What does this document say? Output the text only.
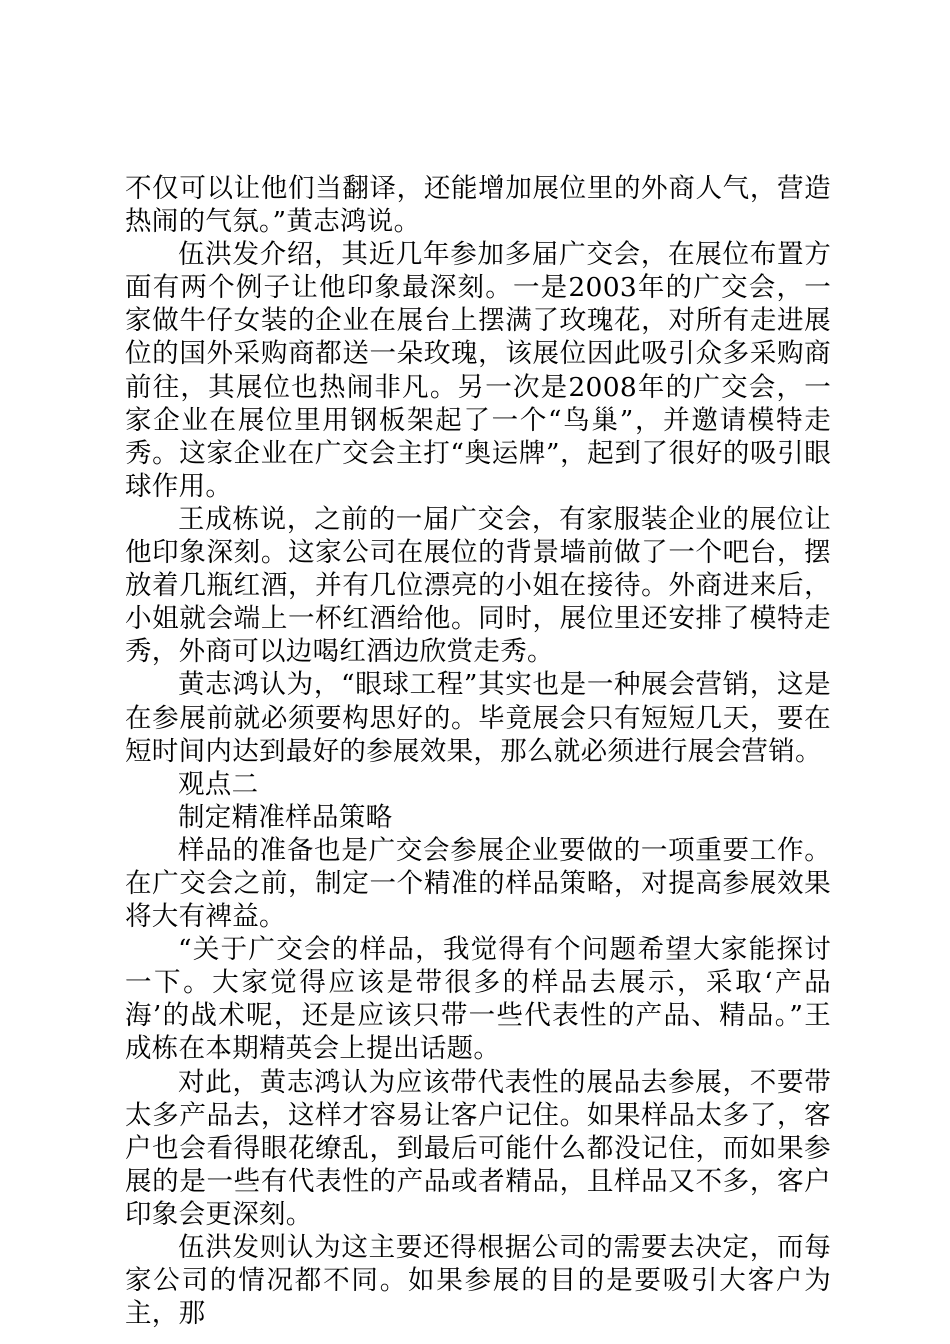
不仅可以让他们当翻译，还能增加展位里的外商人气，营造热闹的气氛。”黄志鸿说。

伍洪发介绍，其近几年参加多届广交会，在展位布置方面有两个例子让他印象最深刻。一是2003年的广交会，一家做牛仔女装的企业在展台上摆满了玫瑰花，对所有走进展位的国外采购商都送一朵玫瑰，该展位因此吸引众多采购商前往，其展位也热闹非凡。另一次是2008年的广交会，一家企业在展位里用钢板架起了一个“鸟巢”，并邀请模特走秀。这家企业在广交会主打“奥运牌”，起到了很好的吸引眼球作用。

王成栋说，之前的一届广交会，有家服装企业的展位让他印象深刻。这家公司在展位的背景墙前做了一个吧台，摆放着几瓶红酒，并有几位漂亮的小姐在接待。外商进来后，小姐就会端上一杯红酒给他。同时，展位里还安排了模特走秀，外商可以边喝红酒边欣赏走秀。

黄志鸿认为，“眼球工程”其实也是一种展会营销，这是在参展前就必须要构思好的。毕竟展会只有短短几天，要在短时间内达到最好的参展效果，那么就必须进行展会营销。

观点二

制定精准样品策略

样品的准备也是广交会参展企业要做的一项重要工作。在广交会之前，制定一个精准的样品策略，对提高参展效果将大有裨益。

“关于广交会的样品，我觉得有个问题希望大家能探讨一下。大家觉得应该是带很多的样品去展示，采取‘产品海’的战术呢，还是应该只带一些代表性的产品、精品。”王成栋在本期精英会上提出话题。

对此，黄志鸿认为应该带代表性的展品去参展，不要带太多产品去，这样才容易让客户记住。如果样品太多了，客户也会看得眼花缭乱，到最后可能什么都没记住，而如果参展的是一些有代表性的产品或者精品，且样品又不多，客户印象会更深刻。

伍洪发则认为这主要还得根据公司的需要去决定，而每家公司的情况都不同。如果参展的目的是要吸引大客户为主，那
